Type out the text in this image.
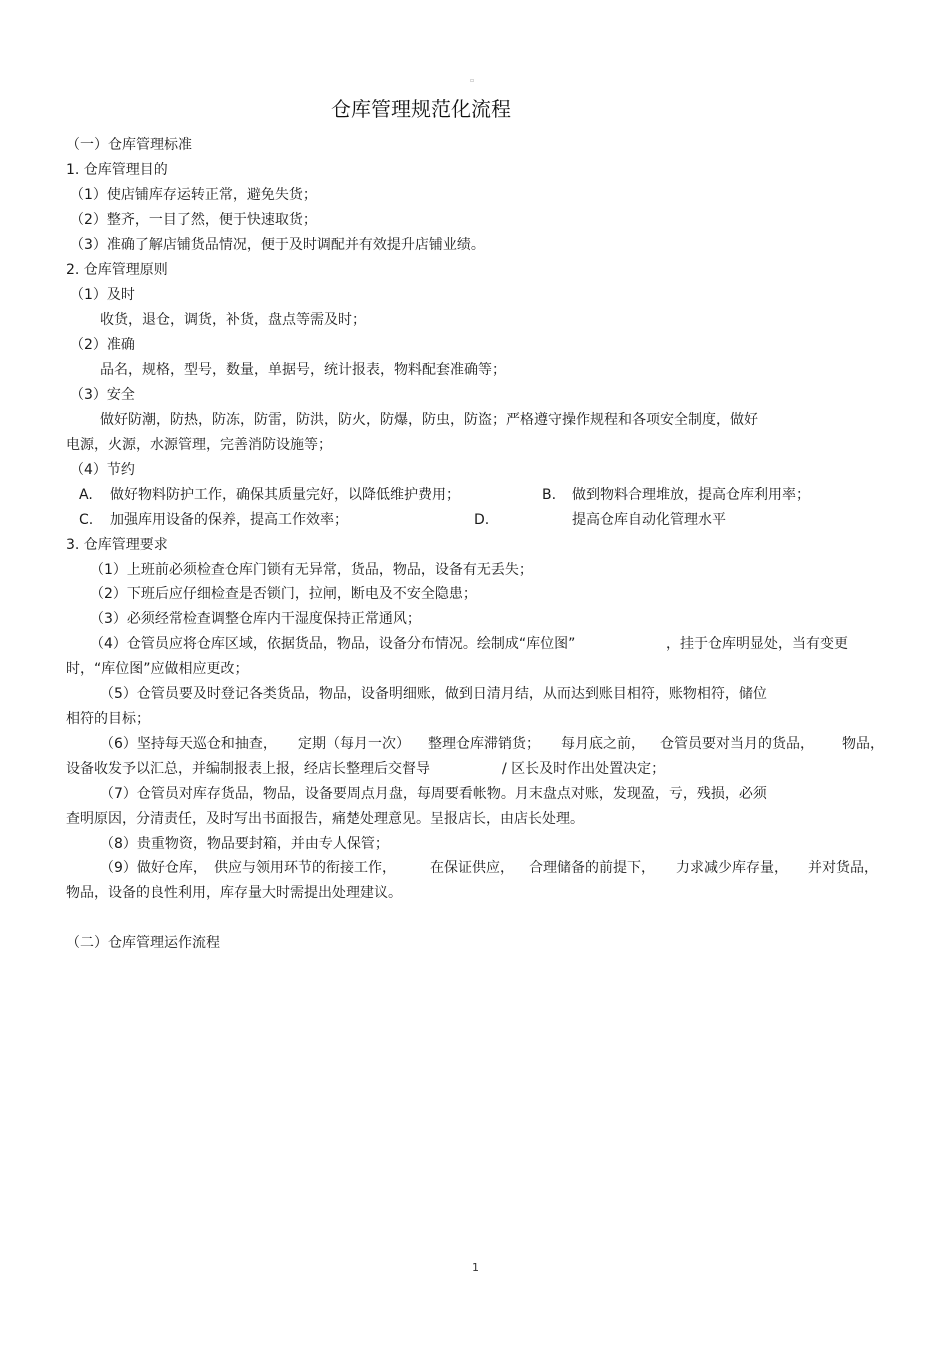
▫
仓库管理规范化流程
（一）仓库管理标准
1. 仓库管理目的
（1）使店铺库存运转正常，避免失货；
（2）整齐，一目了然，便于快速取货；
（3）准确了解店铺货品情况，便于及时调配并有效提升店铺业绩。
2. 仓库管理原则
（1）及时
收货，退仓，调货，补货，盘点等需及时；
（2）准确
品名，规格，型号，数量，单据号，统计报表，物料配套准确等；
（3）安全
做好防潮，防热，防冻，防雷，防洪，防火，防爆，防虫，防盗；严格遵守操作规程和各项安全制度，做好
电源，火源，水源管理，完善消防设施等；
（4）节约
A. 做好物料防护工作，确保其质量完好，以降低维护费用；	B. 做到物料合理堆放，提高仓库利用率；
C. 加强库用设备的保养，提高工作效率；	D.	提高仓库自动化管理水平
3. 仓库管理要求
（1）上班前必须检查仓库门锁有无异常，货品，物品，设备有无丢失；
（2）下班后应仔细检查是否锁门，拉闸，断电及不安全隐患；
（3）必须经常检查调整仓库内干湿度保持正常通风；
（4）仓管员应将仓库区域，依据货品，物品，设备分布情况。绘制成“库位图”	，挂于仓库明显处，当有变更
时，“库位图”应做相应更改；
（5）仓管员要及时登记各类货品，物品，设备明细账，做到日清月结，从而达到账目相符，账物相符，储位
相符的目标；
（6）坚持每天巡仓和抽查， 定期（每月一次） 整理仓库滞销货； 每月底之前， 仓管员要对当月的货品， 物品，
设备收发予以汇总，并编制报表上报，经店长整理后交督导	/ 区长及时作出处置决定；
（7）仓管员对库存货品，物品，设备要周点月盘，每周要看帐物。月末盘点对账，发现盈，亏，残损，必须
查明原因，分清责任，及时写出书面报告，痛楚处理意见。呈报店长，由店长处理。
（8）贵重物资，物品要封箱，并由专人保管；
（9）做好仓库， 供应与领用环节的衔接工作， 在保证供应， 合理储备的前提下， 力求减少库存量， 并对货品，
物品，设备的良性利用，库存量大时需提出处理建议。
（二）仓库管理运作流程
1
